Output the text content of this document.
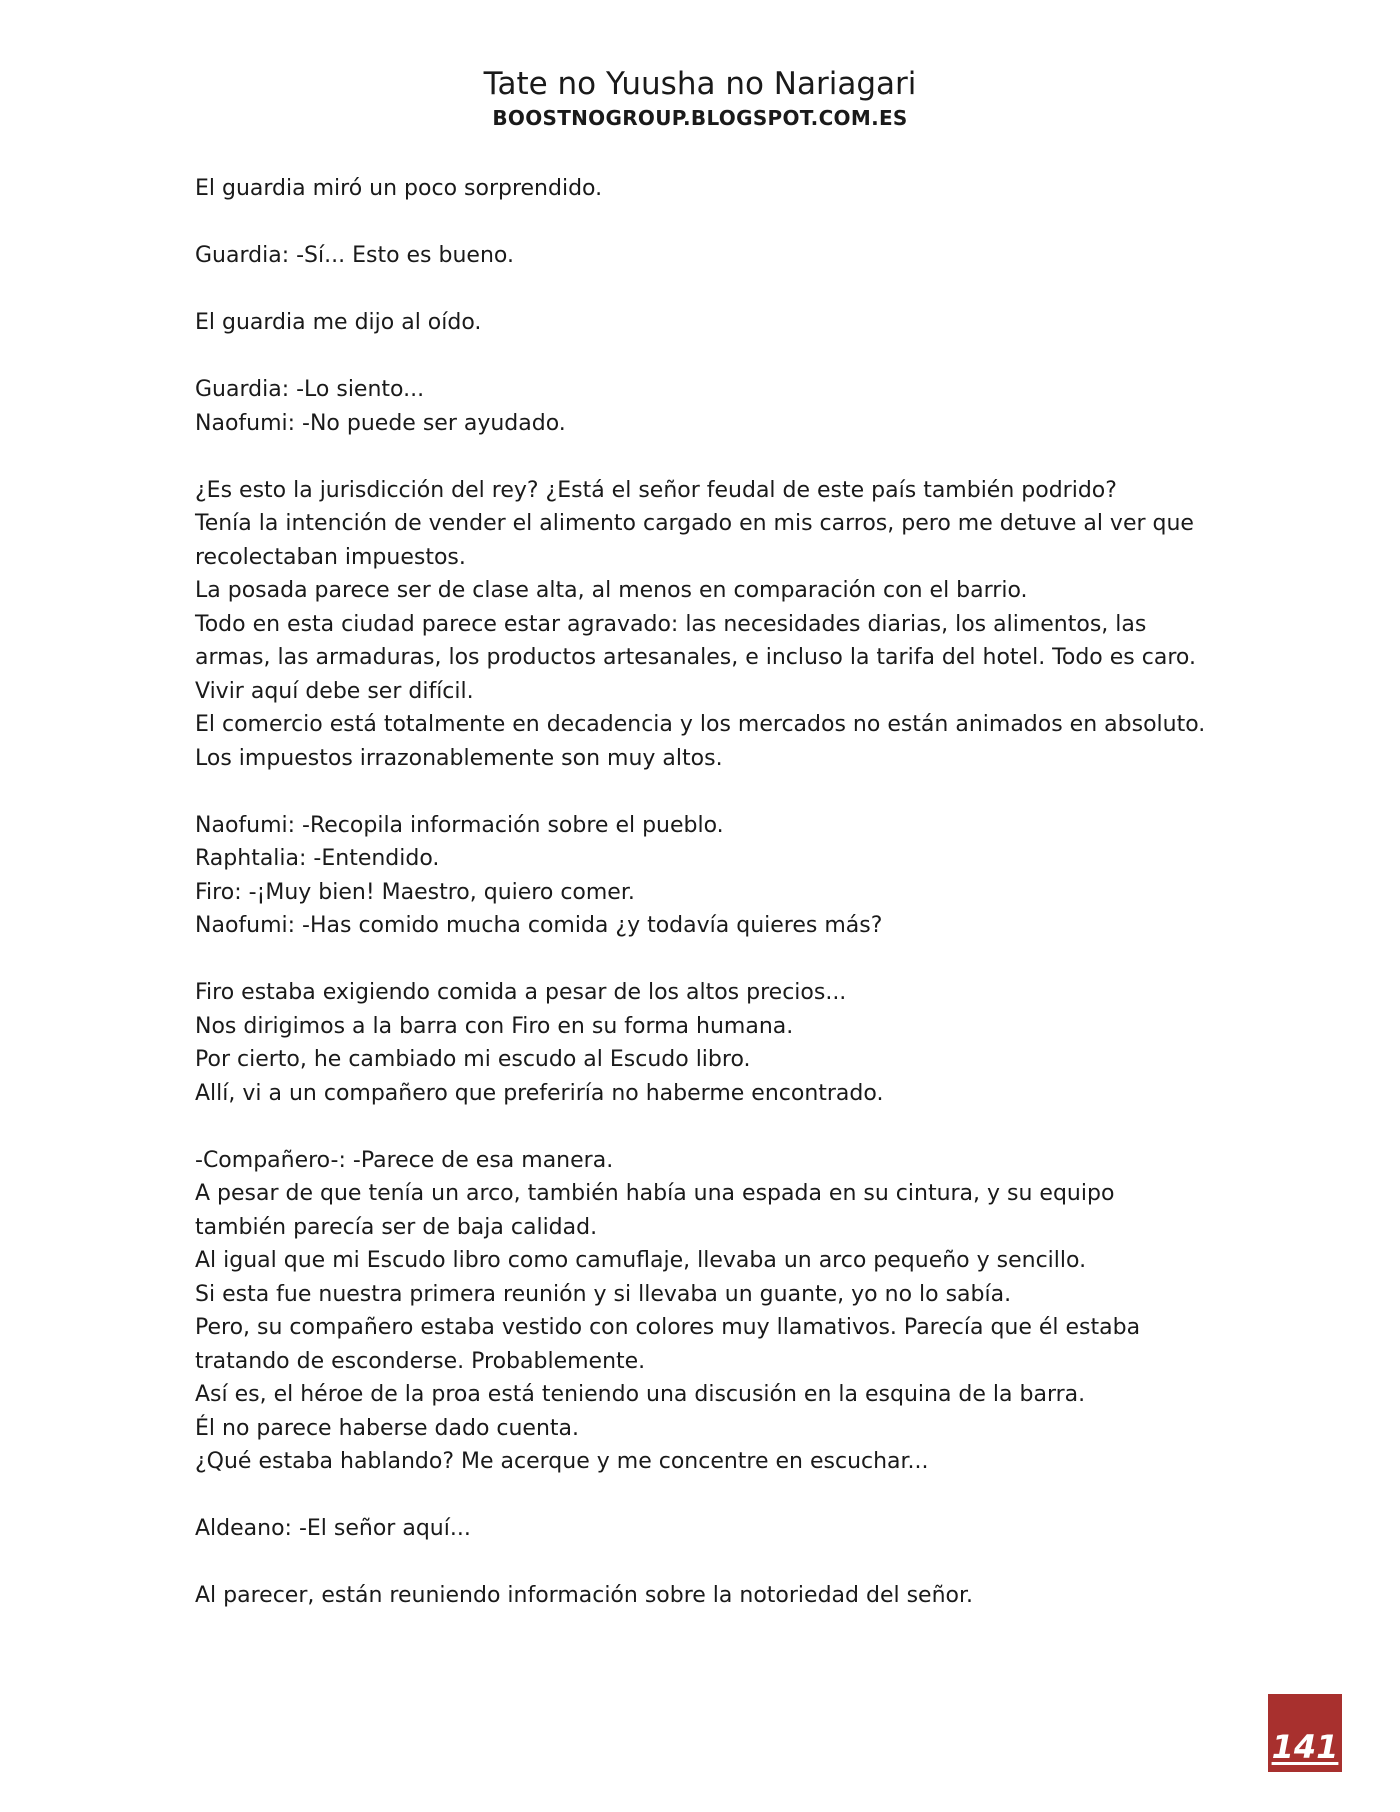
Tate no Yuusha no Nariagari
BOOSTNOGROUP.BLOGSPOT.COM.ES

El guardia miró un poco sorprendido.

Guardia: -Sí... Esto es bueno.

El guardia me dijo al oído.

Guardia: -Lo siento...
Naofumi: -No puede ser ayudado.

¿Es esto la jurisdicción del rey? ¿Está el señor feudal de este país también podrido?
Tenía la intención de vender el alimento cargado en mis carros, pero me detuve al ver que
recolectaban impuestos.
La posada parece ser de clase alta, al menos en comparación con el barrio.
Todo en esta ciudad parece estar agravado: las necesidades diarias, los alimentos, las
armas, las armaduras, los productos artesanales, e incluso la tarifa del hotel. Todo es caro.
Vivir aquí debe ser difícil.
El comercio está totalmente en decadencia y los mercados no están animados en absoluto.
Los impuestos irrazonablemente son muy altos.

Naofumi: -Recopila información sobre el pueblo.
Raphtalia: -Entendido.
Firo: -¡Muy bien! Maestro, quiero comer.
Naofumi: -Has comido mucha comida ¿y todavía quieres más?

Firo estaba exigiendo comida a pesar de los altos precios...
Nos dirigimos a la barra con Firo en su forma humana.
Por cierto, he cambiado mi escudo al Escudo libro.
Allí, vi a un compañero que preferiría no haberme encontrado.

-Compañero-: -Parece de esa manera.
A pesar de que tenía un arco, también había una espada en su cintura, y su equipo
también parecía ser de baja calidad.
Al igual que mi Escudo libro como camuflaje, llevaba un arco pequeño y sencillo.
Si esta fue nuestra primera reunión y si llevaba un guante, yo no lo sabía.
Pero, su compañero estaba vestido con colores muy llamativos. Parecía que él estaba
tratando de esconderse. Probablemente.
Así es, el héroe de la proa está teniendo una discusión en la esquina de la barra.
Él no parece haberse dado cuenta.
¿Qué estaba hablando? Me acerque y me concentre en escuchar...

Aldeano: -El señor aquí...

Al parecer, están reuniendo información sobre la notoriedad del señor.

141
